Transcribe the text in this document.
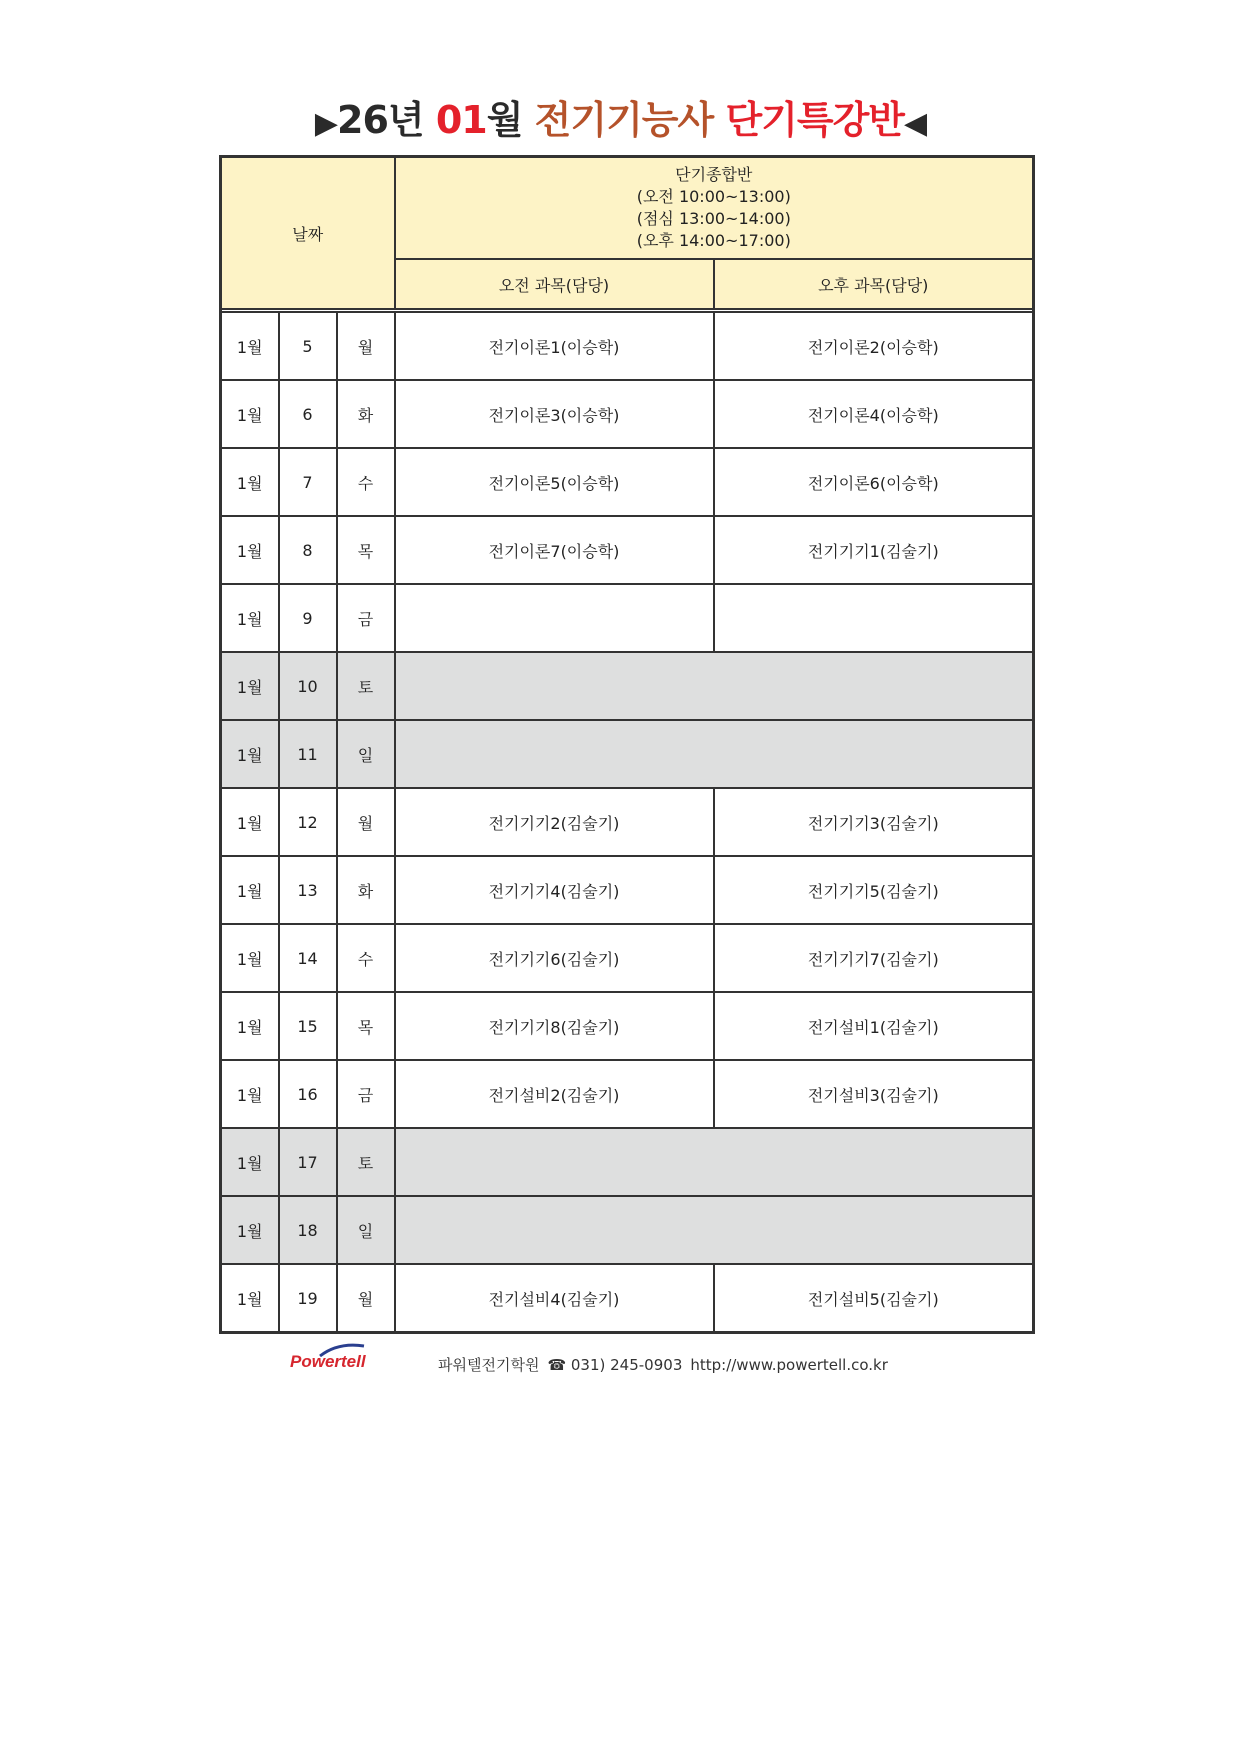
▶26년 01월 전기기능사 단기특강반◀
날짜			단기종합반
(오전 10:00~13:00)
(점심 13:00~14:00)
(오후 14:00~17:00)	

			오전 과목(담당)	오후 과목(담당)

1월	5	월	전기이론1(이승학)	전기이론2(이승학)
1월	6	화	전기이론3(이승학)	전기이론4(이승학)
1월	7	수	전기이론5(이승학)	전기이론6(이승학)
1월	8	목	전기이론7(이승학)	전기기기1(김술기)
1월	9	금		
1월	10	토		
1월	11	일		
1월	12	월	전기기기2(김술기)	전기기기3(김술기)
1월	13	화	전기기기4(김술기)	전기기기5(김술기)
1월	14	수	전기기기6(김술기)	전기기기7(김술기)
1월	15	목	전기기기8(김술기)	전기설비1(김술기)
1월	16	금	전기설비2(김술기)	전기설비3(김술기)
1월	17	토		
1월	18	일		
1월	19	월	전기설비4(김술기)	전기설비5(김술기)
Powertell	파워텔전기학원 ☎ 031) 245-0903 http://www.powertell.co.kr
